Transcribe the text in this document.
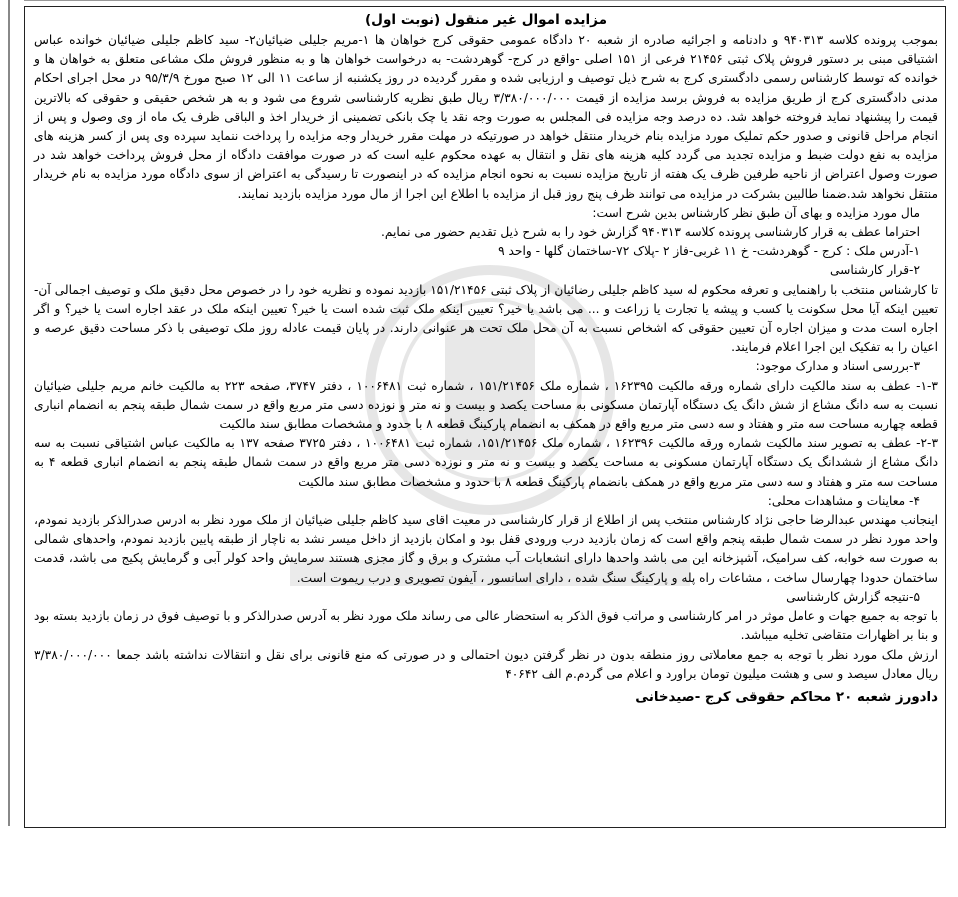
مزایده اموال غیر منقول (نوبت اول)

بموجب پرونده کلاسه ۹۴۰۳۱۳ و دادنامه و اجرائیه صادره از شعبه ۲۰ دادگاه عمومی حقوقی کرج خواهان ها ۱-مریم جلیلی ضیائیان۲- سید کاظم جلیلی ضیائیان خوانده عباس اشتیاقی مبنی بر دستور فروش پلاک ثبتی ۲۱۴۵۶ فرعی از ۱۵۱ اصلی -واقع در کرج- گوهردشت- به درخواست خواهان ها و به منظور فروش ملک مشاعی متعلق به خواهان ها و خوانده که توسط کارشناس رسمی دادگستری کرج به شرح ذیل توصیف و ارزیابی شده و مقرر گردیده در روز یکشنبه از ساعت ۱۱ الی ۱۲ صبح مورخ ۹۵/۳/۹ در محل اجرای احکام مدنی دادگستری کرج از طریق مزایده به فروش برسد مزایده از قیمت ۳/۳۸۰/۰۰۰/۰۰۰ ریال طبق نظریه کارشناسی شروع می شود و به هر شخص حقیقی و حقوقی که بالاترین قیمت را پیشنهاد نماید فروخته خواهد شد. ده درصد وجه مزایده فی المجلس به صورت وجه نقد یا چک بانکی تضمینی از خریدار اخذ و الباقی ظرف یک ماه از وی وصول و پس از انجام مراحل قانونی و صدور حکم تملیک مورد مزایده بنام خریدار منتقل خواهد در صورتیکه در مهلت مقرر خریدار وجه مزایده را پرداخت ننماید سپرده وی پس از کسر هزینه های مزایده به نفع دولت ضبط و مزایده تجدید می گردد کلیه هزینه های نقل و انتقال به عهده محکوم علیه است که در صورت موافقت دادگاه از محل فروش پرداخت خواهد شد در صورت وصول اعتراض از ناحیه طرفین ظرف یک هفته از تاریخ مزایده نسبت به نحوه انجام مزایده که در اینصورت تا رسیدگی به اعتراض از سوی دادگاه مورد مزایده به نام خریدار منتقل نخواهد شد.ضمنا طالبین بشرکت در مزایده می توانند ظرف پنج روز قبل از مزایده با اطلاع این اجرا از مال مورد مزایده بازدید نمایند.

مال مورد مزایده و بهای آن طبق نظر کارشناس بدین شرح است:

احتراما عطف به قرار کارشناسی پرونده کلاسه ۹۴۰۳۱۳ گزارش خود را به شرح ذیل تقدیم حضور می نمایم.

۱-آدرس ملک : کرج - گوهردشت- خ ۱۱ غربی-فاز ۲ -پلاک ۷۲-ساختمان گلها - واحد ۹

۲-قرار کارشناسی

تا کارشناس منتخب با راهنمایی و تعرفه محکوم له سید کاظم جلیلی رضائیان از پلاک ثبتی ۱۵۱/۲۱۴۵۶ بازدید نموده و نظریه خود را در خصوص محل دقیق ملک و توصیف اجمالی آن-تعیین اینکه آیا محل سکونت یا کسب و پیشه یا تجارت یا زراعت و ... می باشد یا خیر؟ تعیین اینکه ملک ثبت شده است یا خیر؟ تعیین اینکه ملک در عقد اجاره است یا خیر؟ و اگر اجاره است مدت و میزان اجاره آن تعیین حقوقی که اشخاص نسبت به آن محل ملک تحت هر عنوانی دارند. در پایان قیمت عادله روز ملک توصیفی با ذکر مساحت دقیق عرصه و اعیان را به تفکیک این اجرا اعلام فرمایند.

۳-بررسی اسناد و مدارک موجود:

۱-۳- عطف به سند مالکیت دارای شماره ورقه مالکیت ۱۶۲۳۹۵ ، شماره ملک ۱۵۱/۲۱۴۵۶ ، شماره ثبت ۱۰۰۶۴۸۱ ، دفتر ۳۷۴۷، صفحه ۲۲۳ به مالکیت خانم مریم جلیلی ضیائیان نسبت به سه دانگ مشاع از شش دانگ یک دستگاه آپارتمان مسکونی به مساحت یکصد و بیست و نه متر و نوزده دسی متر مربع واقع در سمت شمال طبقه پنجم به انضمام انباری قطعه چهاربه مساحت سه متر و هفتاد و سه دسی متر مربع واقع در همکف به انضمام پارکینگ قطعه ۸ با حدود و مشخصات مطابق سند مالکیت

۲-۳- عطف به تصویر سند مالکیت شماره ورقه مالکیت ۱۶۲۳۹۶ ، شماره ملک ۱۵۱/۲۱۴۵۶، شماره ثبت ۱۰۰۶۴۸۱ ، دفتر ۳۷۲۵ صفحه ۱۳۷ به مالکیت عباس اشتیاقی نسبت به سه دانگ مشاع از ششدانگ یک دستگاه آپارتمان مسکونی به مساحت یکصد و بیست و نه متر و نوزده دسی متر مربع واقع در سمت شمال طبقه پنجم به انضمام انباری قطعه ۴ به مساحت سه متر و هفتاد و سه دسی متر مربع واقع در همکف بانضمام پارکینگ قطعه ۸ با حدود و مشخصات مطابق سند مالکیت

۴- معاینات و مشاهدات محلی:

اینجانب مهندس عبدالرضا حاجی نژاد کارشناس منتخب پس از اطلاع از قرار کارشناسی در معیت اقای سید کاظم جلیلی ضیائیان از ملک مورد نظر به ادرس صدرالذکر بازدید نمودم، واحد مورد نظر در سمت شمال طبقه پنجم واقع است که زمان بازدید درب ورودی قفل بود و امکان بازدید از داخل میسر نشد به ناچار از طبقه پایین بازدید نمودم، واحدهای شمالی به صورت سه خوابه، کف سرامیک، آشپزخانه این می باشد واحدها دارای انشعابات آب مشترک و برق و گاز مجزی هستند سرمایش واحد کولر آبی و گرمایش پکیج می باشد، قدمت ساختمان حدودا چهارسال ساخت ، مشاعات راه پله و پارکینگ سنگ شده ، دارای اسانسور ، آیفون تصویری و درب ریموت است.

۵-نتیجه گزارش کارشناسی

با توجه به جمیع جهات و عامل موثر در امر کارشناسی و مراتب فوق الذکر به استحضار عالی می رساند ملک مورد نظر به آدرس صدرالذکر و با توصیف فوق در زمان بازدید بسته بود و بنا بر اظهارات متقاضی تخلیه میباشد.

ارزش ملک مورد نظر با توجه به جمع معاملاتی روز منطقه بدون در نظر گرفتن دیون احتمالی و در صورتی که منع قانونی برای نقل و انتقالات نداشته باشد جمعا ۳/۳۸۰/۰۰۰/۰۰۰ ریال معادل سیصد و سی و هشت میلیون تومان براورد و اعلام می گردم.م الف ۴۰۶۴۲

دادورز شعبه ۲۰ محاکم حقوقی کرج -صیدخانی
